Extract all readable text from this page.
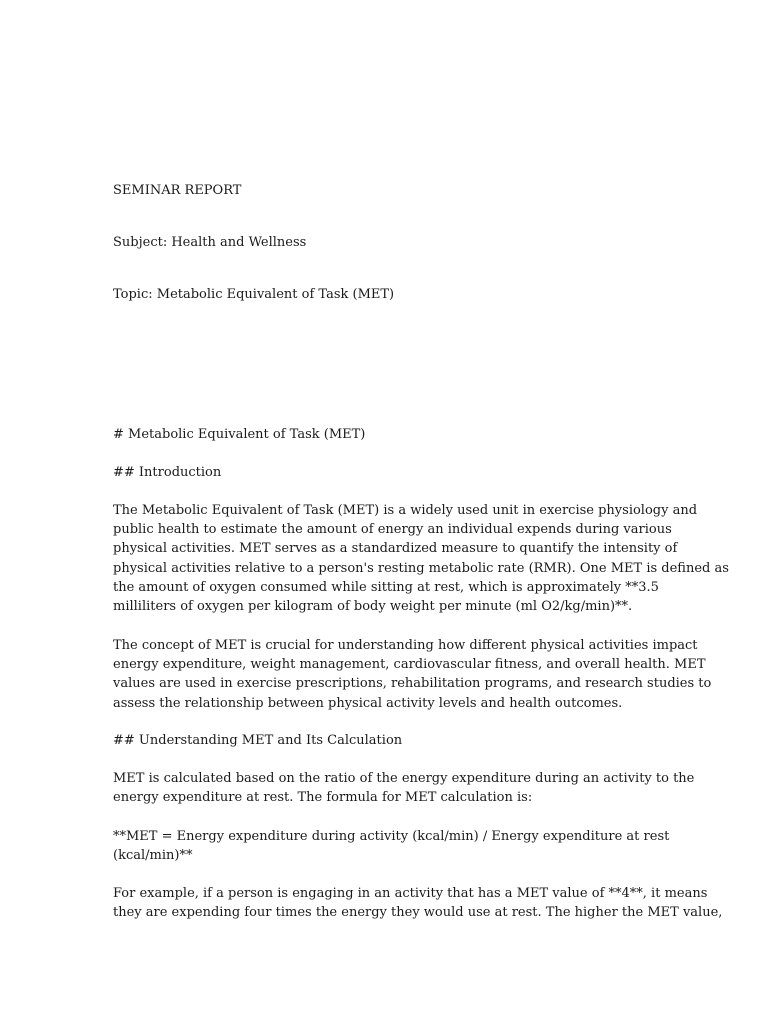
SEMINAR REPORT

Subject: Health and Wellness

Topic: Metabolic Equivalent of Task (MET)

# Metabolic Equivalent of Task (MET)

## Introduction

The Metabolic Equivalent of Task (MET) is a widely used unit in exercise physiology and
public health to estimate the amount of energy an individual expends during various
physical activities. MET serves as a standardized measure to quantify the intensity of
physical activities relative to a person's resting metabolic rate (RMR). One MET is defined as
the amount of oxygen consumed while sitting at rest, which is approximately **3.5
milliliters of oxygen per kilogram of body weight per minute (ml O2/kg/min)**.
The concept of MET is crucial for understanding how different physical activities impact
energy expenditure, weight management, cardiovascular fitness, and overall health. MET
values are used in exercise prescriptions, rehabilitation programs, and research studies to
assess the relationship between physical activity levels and health outcomes.

## Understanding MET and Its Calculation

MET is calculated based on the ratio of the energy expenditure during an activity to the
energy expenditure at rest. The formula for MET calculation is:
**MET = Energy expenditure during activity (kcal/min) / Energy expenditure at rest
(kcal/min)**
For example, if a person is engaging in an activity that has a MET value of **4**, it means
they are expending four times the energy they would use at rest. The higher the MET value,
